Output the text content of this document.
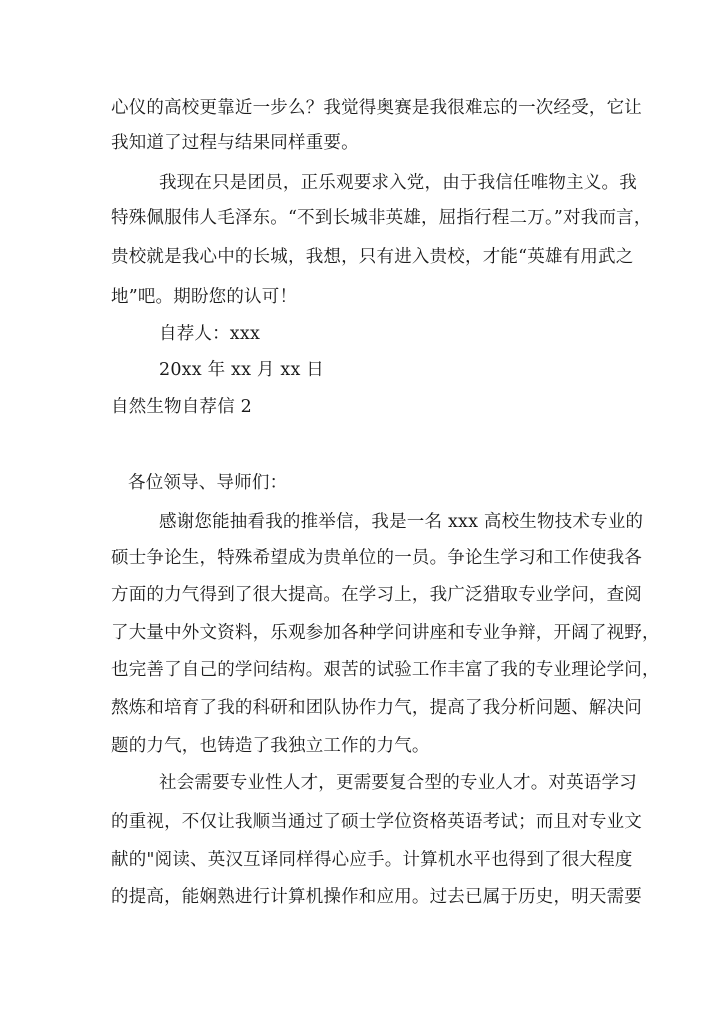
心仪的高校更靠近一步么？我觉得奥赛是我很难忘的一次经受，它让
我知道了过程与结果同样重要。
我现在只是团员，正乐观要求入党，由于我信任唯物主义。我
特殊佩服伟人毛泽东。“不到长城非英雄，屈指行程二万。”对我而言，
贵校就是我心中的长城，我想，只有进入贵校，才能“英雄有用武之
地”吧。期盼您的认可！
自荐人：xxx
20xx 年 xx 月 xx 日
自然生物自荐信 2
各位领导、导师们：
感谢您能抽看我的推举信，我是一名 xxx 高校生物技术专业的
硕士争论生，特殊希望成为贵单位的一员。争论生学习和工作使我各
方面的力气得到了很大提高。在学习上，我广泛猎取专业学问，查阅
了大量中外文资料，乐观参加各种学问讲座和专业争辩，开阔了视野，
也完善了自己的学问结构。艰苦的试验工作丰富了我的专业理论学问，
熬炼和培育了我的科研和团队协作力气，提高了我分析问题、解决问
题的力气，也铸造了我独立工作的力气。
社会需要专业性人才，更需要复合型的专业人才。对英语学习
的重视，不仅让我顺当通过了硕士学位资格英语考试；而且对专业文
献的"阅读、英汉互译同样得心应手。计算机水平也得到了很大程度
的提高，能娴熟进行计算机操作和应用。过去已属于历史，明天需要
